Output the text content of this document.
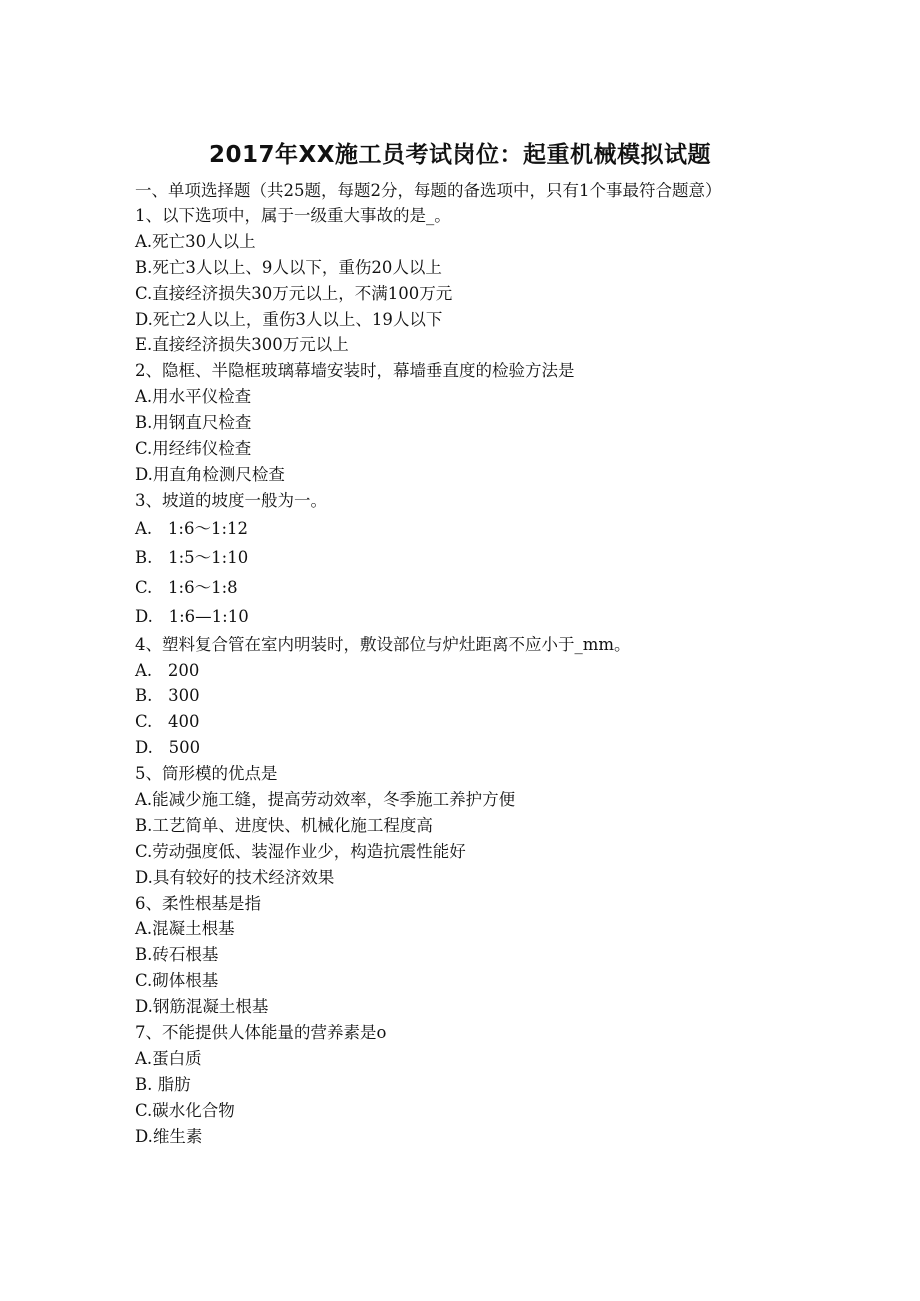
2017年XX施工员考试岗位：起重机械模拟试题
一、单项选择题（共25题，每题2分，每题的备选项中，只有1个事最符合题意）
1、以下选项中，属于一级重大事故的是_。
A.死亡30人以上
B.死亡3人以上、9人以下，重伤20人以上
C.直接经济损失30万元以上，不满100万元
D.死亡2人以上，重伤3人以上、19人以下
E.直接经济损失300万元以上
2、隐框、半隐框玻璃幕墙安装时，幕墙垂直度的检验方法是
A.用水平仪检查
B.用钢直尺检查
C.用经纬仪检查
D.用直角检测尺检查
3、坡道的坡度一般为一。
A.   1:6～1:12
B.   1:5～1:10
C.   1:6～1:8
D.   1:6—1:10
4、塑料复合管在室内明装时，敷设部位与炉灶距离不应小于_mm。
A.   200
B.   300
C.   400
D.   500
5、筒形模的优点是
A.能减少施工缝，提高劳动效率，冬季施工养护方便
B.工艺简单、进度快、机械化施工程度高
C.劳动强度低、装湿作业少，构造抗震性能好
D.具有较好的技术经济效果
6、柔性根基是指
A.混凝土根基
B.砖石根基
C.砌体根基
D.钢筋混凝土根基
7、不能提供人体能量的营养素是o
A.蛋白质
B. 脂肪
C.碳水化合物
D.维生素
